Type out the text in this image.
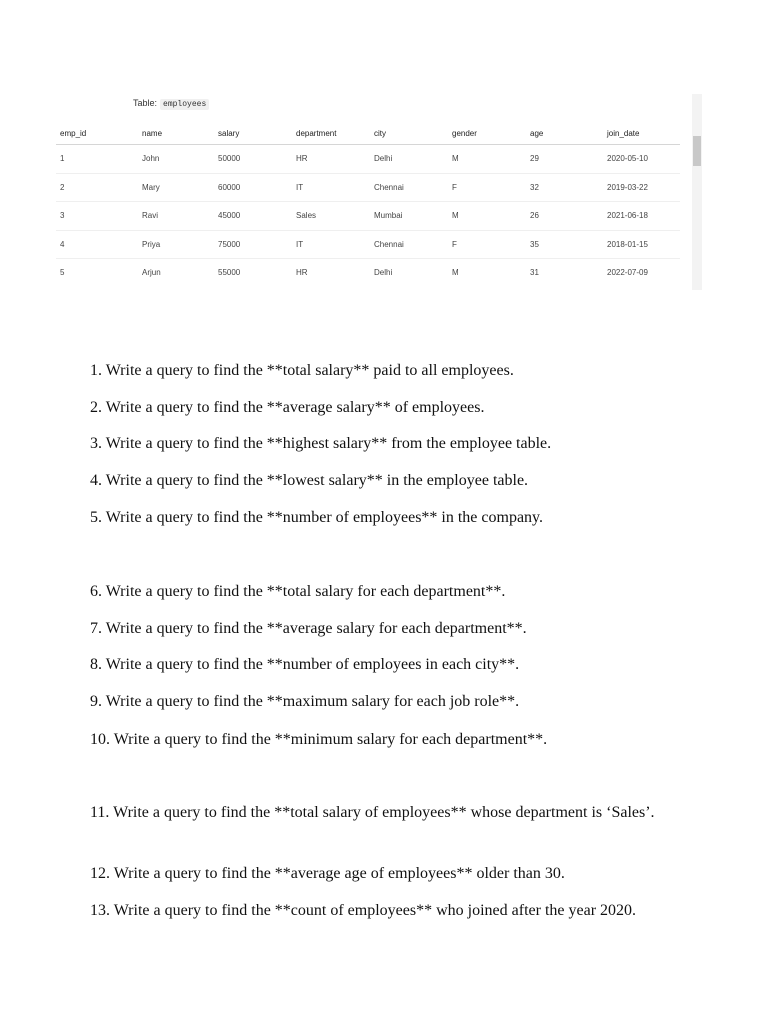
Table: employees
emp_id	name	salary	department	city	gender	age	join_date
1	John	50000	HR	Delhi	M	29	2020-05-10
2	Mary	60000	IT	Chennai	F	32	2019-03-22
3	Ravi	45000	Sales	Mumbai	M	26	2021-06-18
4	Priya	75000	IT	Chennai	F	35	2018-01-15
5	Arjun	55000	HR	Delhi	M	31	2022-07-09
1. Write a query to find the **total salary** paid to all employees.
2. Write a query to find the **average salary** of employees.
3. Write a query to find the **highest salary** from the employee table.
4. Write a query to find the **lowest salary** in the employee table.
5. Write a query to find the **number of employees** in the company.
6. Write a query to find the **total salary for each department**.
7. Write a query to find the **average salary for each department**.
8. Write a query to find the **number of employees in each city**.
9. Write a query to find the **maximum salary for each job role**.
10. Write a query to find the **minimum salary for each department**.
11. Write a query to find the **total salary of employees** whose department is ‘Sales’.
12. Write a query to find the **average age of employees** older than 30.
13. Write a query to find the **count of employees** who joined after the year 2020.
